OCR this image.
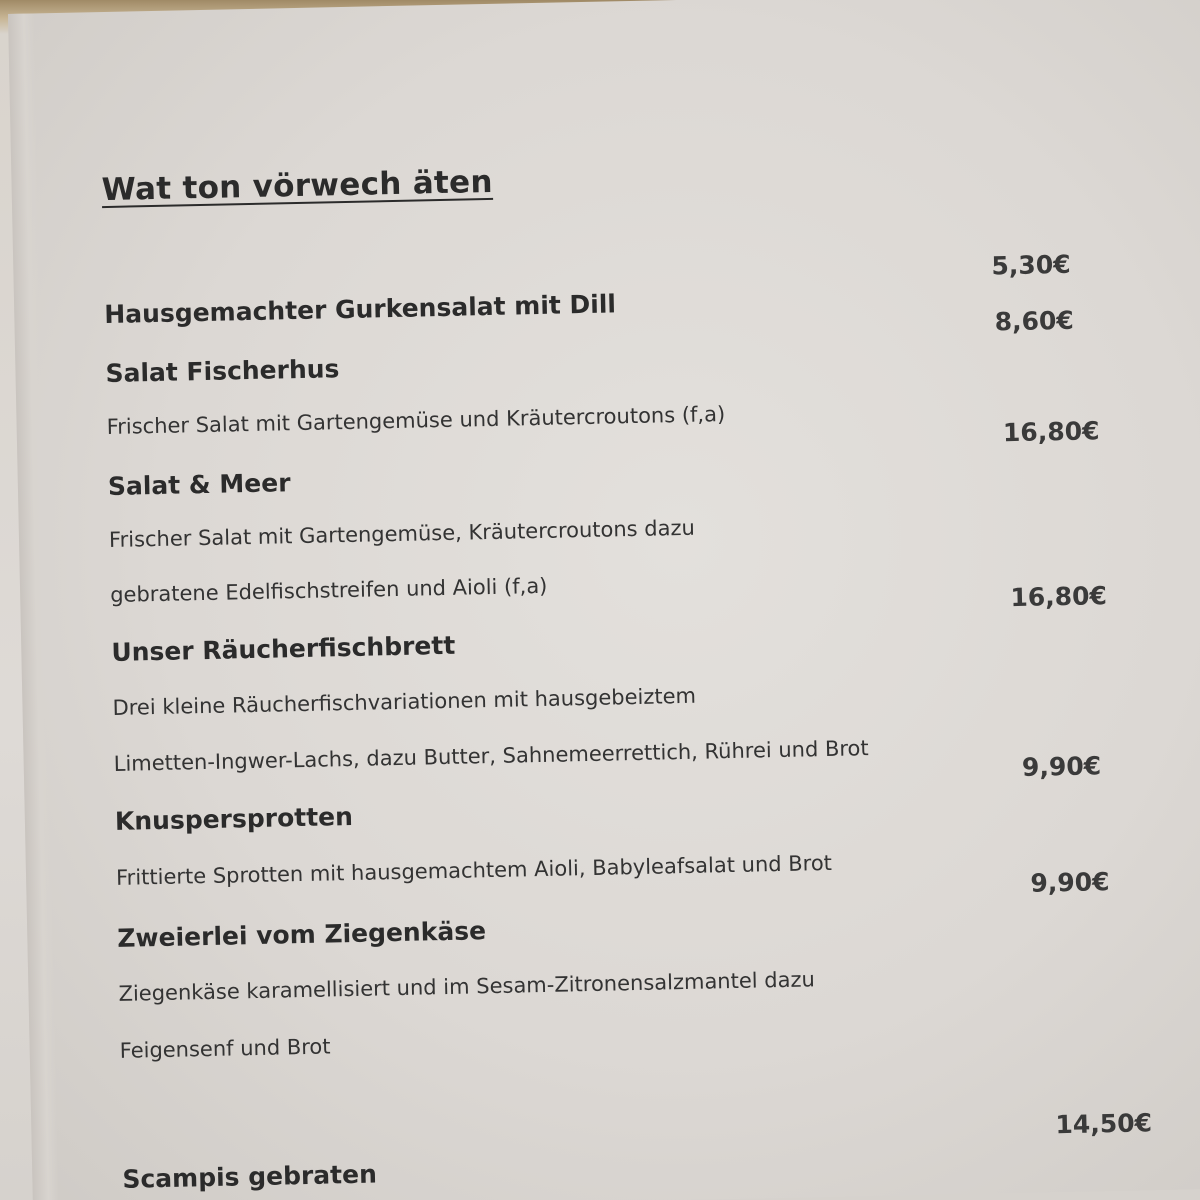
Wat ton vörwech äten
5,30€
Hausgemachter Gurkensalat mit Dill	8,60€
Salat Fischerhus
Frischer Salat mit Gartengemüse und Kräutercroutons (f,a)	16,80€
Salat & Meer
Frischer Salat mit Gartengemüse, Kräutercroutons dazu
gebratene Edelfischstreifen und Aioli (f,a)	16,80€
Unser Räucherfischbrett
Drei kleine Räucherfischvariationen mit hausgebeiztem
Limetten-Ingwer-Lachs, dazu Butter, Sahnemeerrettich, Rührei und Brot	9,90€
Knuspersprotten
Frittierte Sprotten mit hausgemachtem Aioli, Babyleafsalat und Brot	9,90€
Zweierlei vom Ziegenkäse
Ziegenkäse karamellisiert und im Sesam-Zitronensalzmantel dazu
Feigensenf und Brot
14,50€
Scampis gebraten
